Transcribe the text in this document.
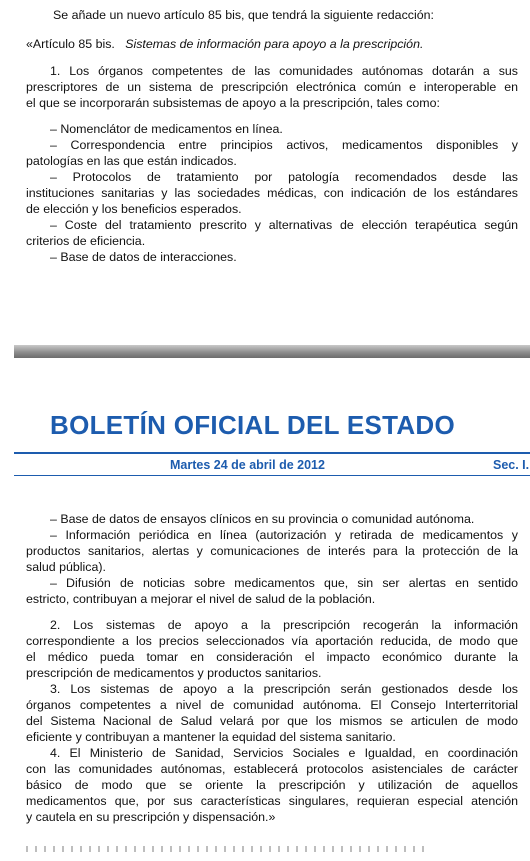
Se añade un nuevo artículo 85 bis, que tendrá la siguiente redacción:
«Artículo 85 bis. Sistemas de información para apoyo a la prescripción.
1. Los órganos competentes de las comunidades autónomas dotarán a sus
prescriptores de un sistema de prescripción electrónica común e interoperable en
el que se incorporarán subsistemas de apoyo a la prescripción, tales como:
– Nomenclátor de medicamentos en línea.
– Correspondencia entre principios activos, medicamentos disponibles y
patologías en las que están indicados.
– Protocolos de tratamiento por patología recomendados desde las
instituciones sanitarias y las sociedades médicas, con indicación de los estándares
de elección y los beneficios esperados.
– Coste del tratamiento prescrito y alternativas de elección terapéutica según
criterios de eficiencia.
– Base de datos de interacciones.
BOLETÍN OFICIAL DEL ESTADO
Martes 24 de abril de 2012	Sec. I.
– Base de datos de ensayos clínicos en su provincia o comunidad autónoma.
– Información periódica en línea (autorización y retirada de medicamentos y
productos sanitarios, alertas y comunicaciones de interés para la protección de la
salud pública).
– Difusión de noticias sobre medicamentos que, sin ser alertas en sentido
estricto, contribuyan a mejorar el nivel de salud de la población.
2. Los sistemas de apoyo a la prescripción recogerán la información
correspondiente a los precios seleccionados vía aportación reducida, de modo que
el médico pueda tomar en consideración el impacto económico durante la
prescripción de medicamentos y productos sanitarios.
3. Los sistemas de apoyo a la prescripción serán gestionados desde los
órganos competentes a nivel de comunidad autónoma. El Consejo Interterritorial
del Sistema Nacional de Salud velará por que los mismos se articulen de modo
eficiente y contribuyan a mantener la equidad del sistema sanitario.
4. El Ministerio de Sanidad, Servicios Sociales e Igualdad, en coordinación
con las comunidades autónomas, establecerá protocolos asistenciales de carácter
básico de modo que se oriente la prescripción y utilización de aquellos
medicamentos que, por sus características singulares, requieran especial atención
y cautela en su prescripción y dispensación.»
